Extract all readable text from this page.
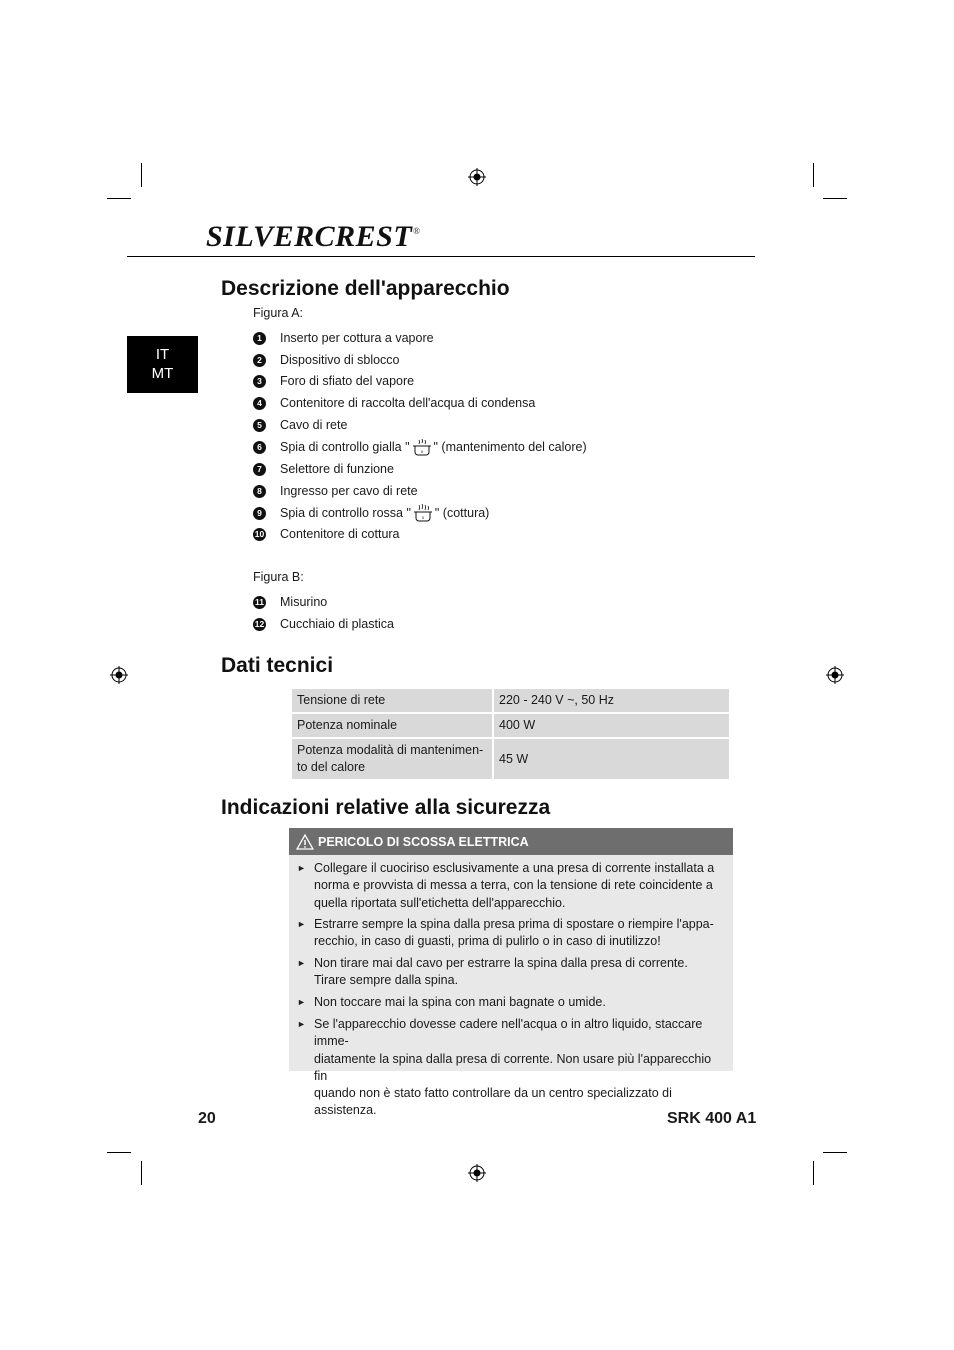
SILVERCREST®
IT
MT
Descrizione dell'apparecchio
Figura A:
1	Inserto per cottura a vapore
2	Dispositivo di sblocco
3	Foro di sfiato del vapore
4	Contenitore di raccolta dell'acqua di condensa
5	Cavo di rete
6	Spia di controllo gialla "	0 " (mantenimento del calore)
7	Selettore di funzione
8	Ingresso per cavo di rete
9	Spia di controllo rossa "	0 " (cottura)
10 Contenitore di cottura
Figura B:
11 Misurino
12 Cucchiaio di plastica
Dati tecnici
Tensione di rete	220 - 240 V ~, 50 Hz
Potenza nominale	400 W

Potenza modalità di mantenimen-
to del calore	45 W
Indicazioni relative alla sicurezza
PERICOLO DI SCOSSA ELETTRICA
► Collegare il cuociriso esclusivamente a una presa di corrente installata a
norma e provvista di messa a terra, con la tensione di rete coincidente a
quella riportata sull'etichetta dell'apparecchio.
► Estrarre sempre la spina dalla presa prima di spostare o riempire l'appa-
recchio, in caso di guasti, prima di pulirlo o in caso di inutilizzo!
► Non tirare mai dal cavo per estrarre la spina dalla presa di corrente.
Tirare sempre dalla spina.
► Non toccare mai la spina con mani bagnate o umide.
► Se l'apparecchio dovesse cadere nell'acqua o in altro liquido, staccare imme-
diatamente la spina dalla presa di corrente. Non usare più l'apparecchio fin
quando non è stato fatto controllare da un centro specializzato di assistenza.
20	SRK 400 A1
